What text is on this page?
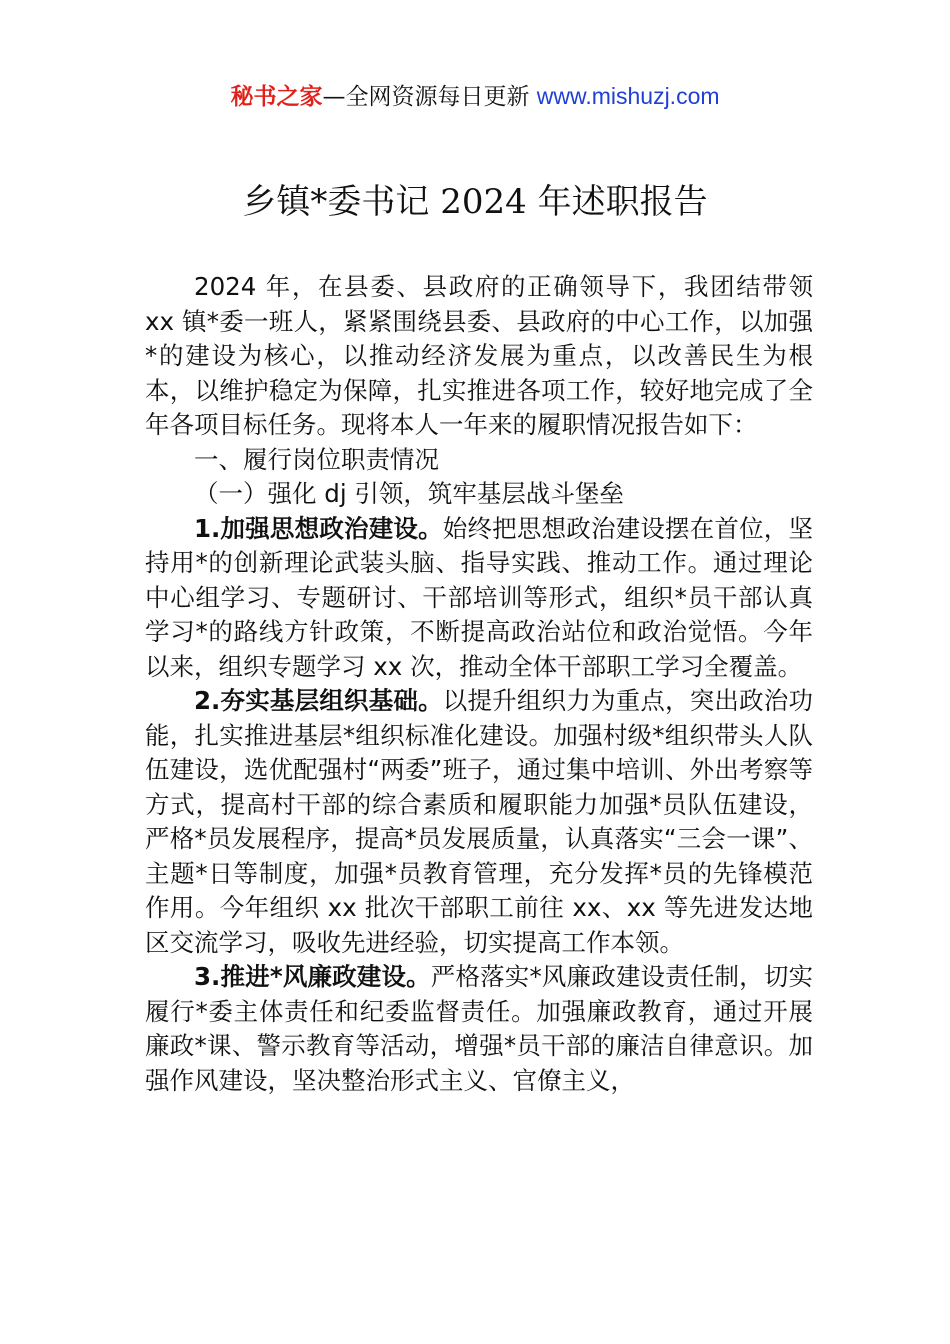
秘书之家—全网资源每日更新 www.mishuzj.com
乡镇*委书记 2024 年述职报告

2024 年，在县委、县政府的正确领导下，我团结带领 xx 镇*委一班人，紧紧围绕县委、县政府的中心工作，以加强*的建设为核心，以推动经济发展为重点，以改善民生为根本，以维护稳定为保障，扎实推进各项工作，较好地完成了全年各项目标任务。现将本人一年来的履职情况报告如下：

一、履行岗位职责情况

（一）强化 dj 引领，筑牢基层战斗堡垒

1.加强思想政治建设。始终把思想政治建设摆在首位，坚持用*的创新理论武装头脑、指导实践、推动工作。通过理论中心组学习、专题研讨、干部培训等形式，组织*员干部认真学习*的路线方针政策，不断提高政治站位和政治觉悟。今年以来，组织专题学习 xx 次，推动全体干部职工学习全覆盖。

2.夯实基层组织基础。以提升组织力为重点，突出政治功能，扎实推进基层*组织标准化建设。加强村级*组织带头人队伍建设，选优配强村“两委”班子，通过集中培训、外出考察等方式，提高村干部的综合素质和履职能力加强*员队伍建设，严格*员发展程序，提高*员发展质量，认真落实“三会一课”、主题*日等制度，加强*员教育管理，充分发挥*员的先锋模范作用。今年组织 xx 批次干部职工前往 xx、xx 等先进发达地区交流学习，吸收先进经验，切实提高工作本领。

3.推进*风廉政建设。严格落实*风廉政建设责任制，切实履行*委主体责任和纪委监督责任。加强廉政教育，通过开展廉政*课、警示教育等活动，增强*员干部的廉洁自律意识。加强作风建设，坚决整治形式主义、官僚主义，
